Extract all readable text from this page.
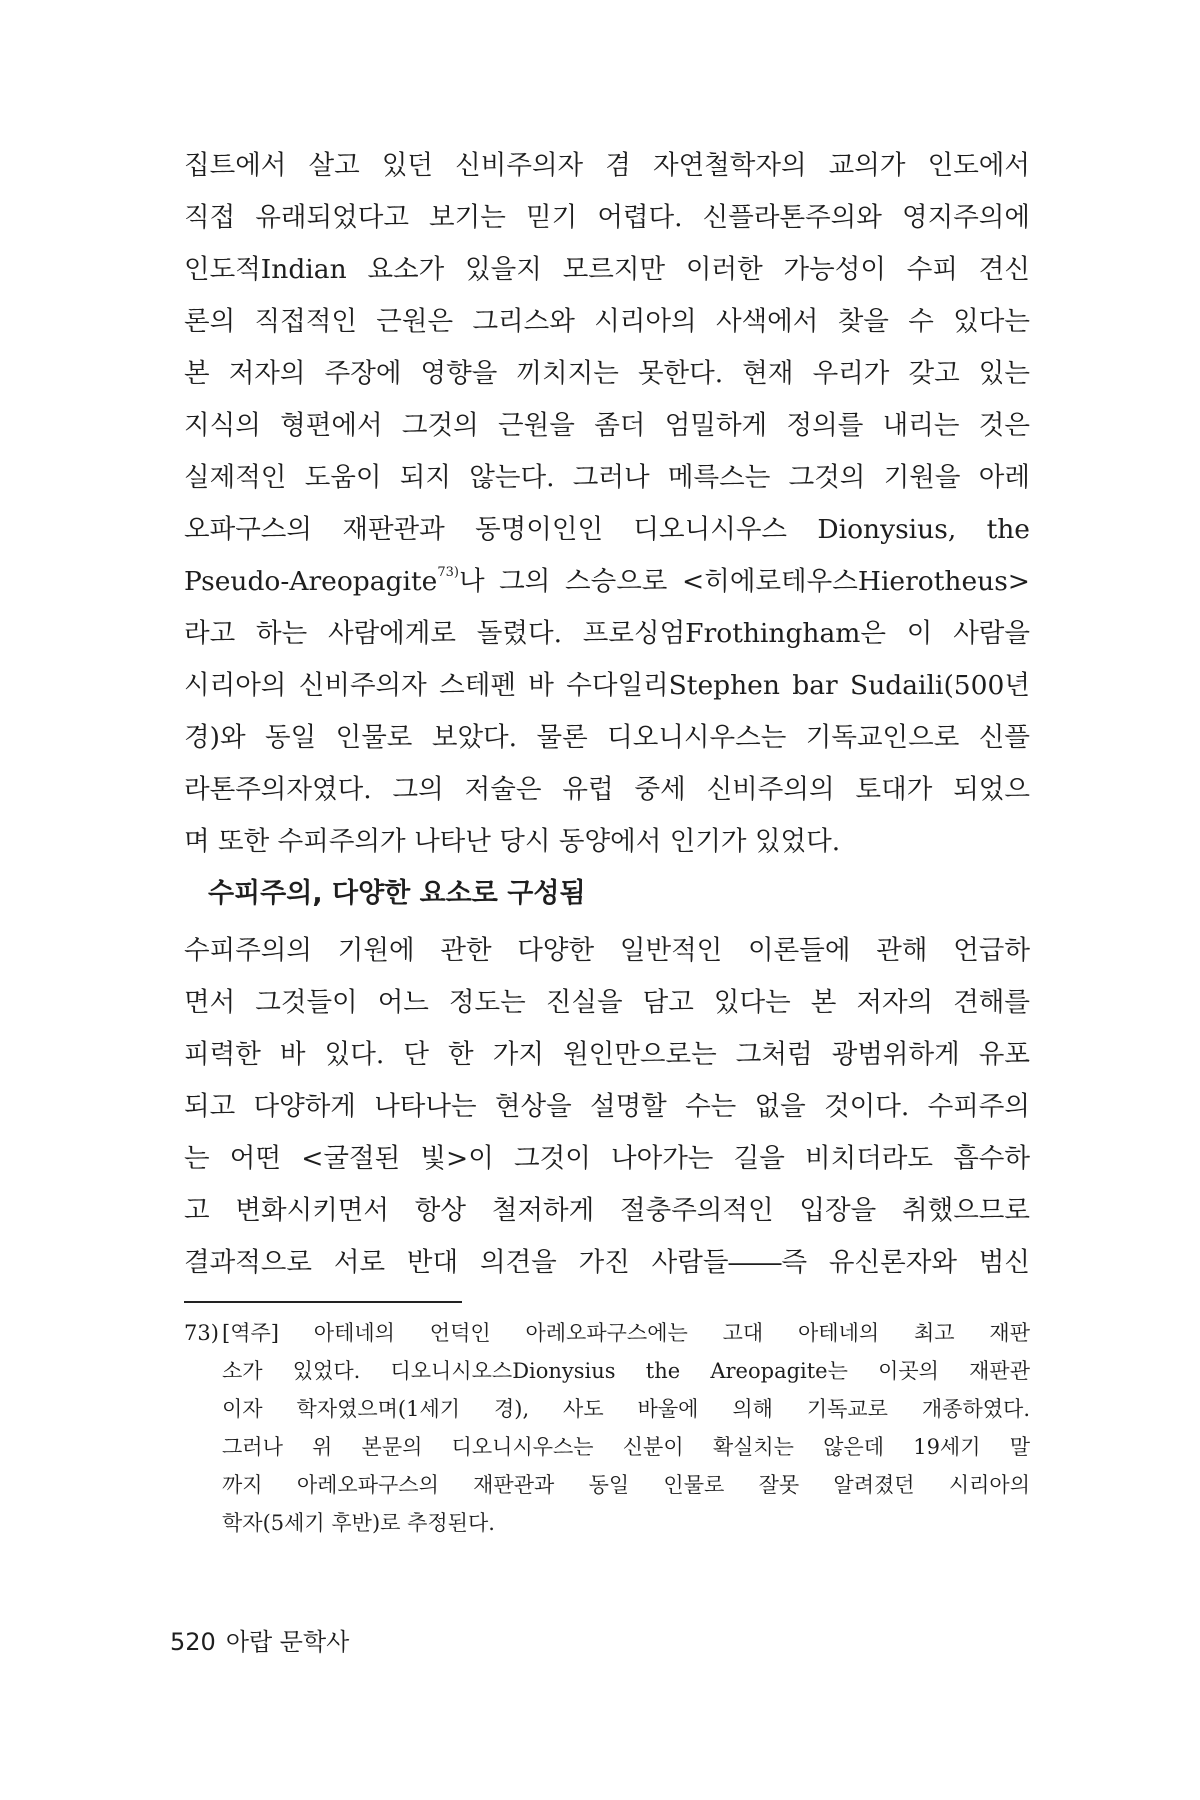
집트에서 살고 있던 신비주의자 겸 자연철학자의 교의가 인도에서
직접 유래되었다고 보기는 믿기 어렵다. 신플라톤주의와 영지주의에
인도적Indian 요소가 있을지 모르지만 이러한 가능성이 수피 견신
론의 직접적인 근원은 그리스와 시리아의 사색에서 찾을 수 있다는
본 저자의 주장에 영향을 끼치지는 못한다. 현재 우리가 갖고 있는
지식의 형편에서 그것의 근원을 좀더 엄밀하게 정의를 내리는 것은
실제적인 도움이 되지 않는다. 그러나 메륵스는 그것의 기원을 아레
오파구스의 재판관과 동명이인인 디오니시우스 Dionysius, the
Pseudo-Areopagite$^{73)}$나 그의 스승으로 <히에로테우스Hierotheus>
라고 하는 사람에게로 돌렸다. 프로싱엄Frothingham은 이 사람을
시리아의 신비주의자 스테펜 바 수다일리Stephen bar Sudaili(500년
경)와 동일 인물로 보았다. 물론 디오니시우스는 기독교인으로 신플
라톤주의자였다. 그의 저술은 유럽 중세 신비주의의 토대가 되었으
며 또한 수피주의가 나타난 당시 동양에서 인기가 있었다.
수피주의, 다양한 요소로 구성됨
수피주의의 기원에 관한 다양한 일반적인 이론들에 관해 언급하
면서 그것들이 어느 정도는 진실을 담고 있다는 본 저자의 견해를
피력한 바 있다. 단 한 가지 원인만으로는 그처럼 광범위하게 유포
되고 다양하게 나타나는 현상을 설명할 수는 없을 것이다. 수피주의
는 어떤 <굴절된 빛>이 그것이 나아가는 길을 비치더라도 흡수하
고 변화시키면서 항상 철저하게 절충주의적인 입장을 취했으므로
결과적으로 서로 반대 의견을 가진 사람들――즉 유신론자와 범신
73) [역주] 아테네의 언덕인 아레오파구스에는 고대 아테네의 최고 재판
소가 있었다. 디오니시오스Dionysius the Areopagite는 이곳의 재판관
이자 학자였으며(1세기 경), 사도 바울에 의해 기독교로 개종하였다.
그러나 위 본문의 디오니시우스는 신분이 확실치는 않은데 19세기 말
까지 아레오파구스의 재판관과 동일 인물로 잘못 알려졌던 시리아의
학자(5세기 후반)로 추정된다.
520 아랍 문학사
